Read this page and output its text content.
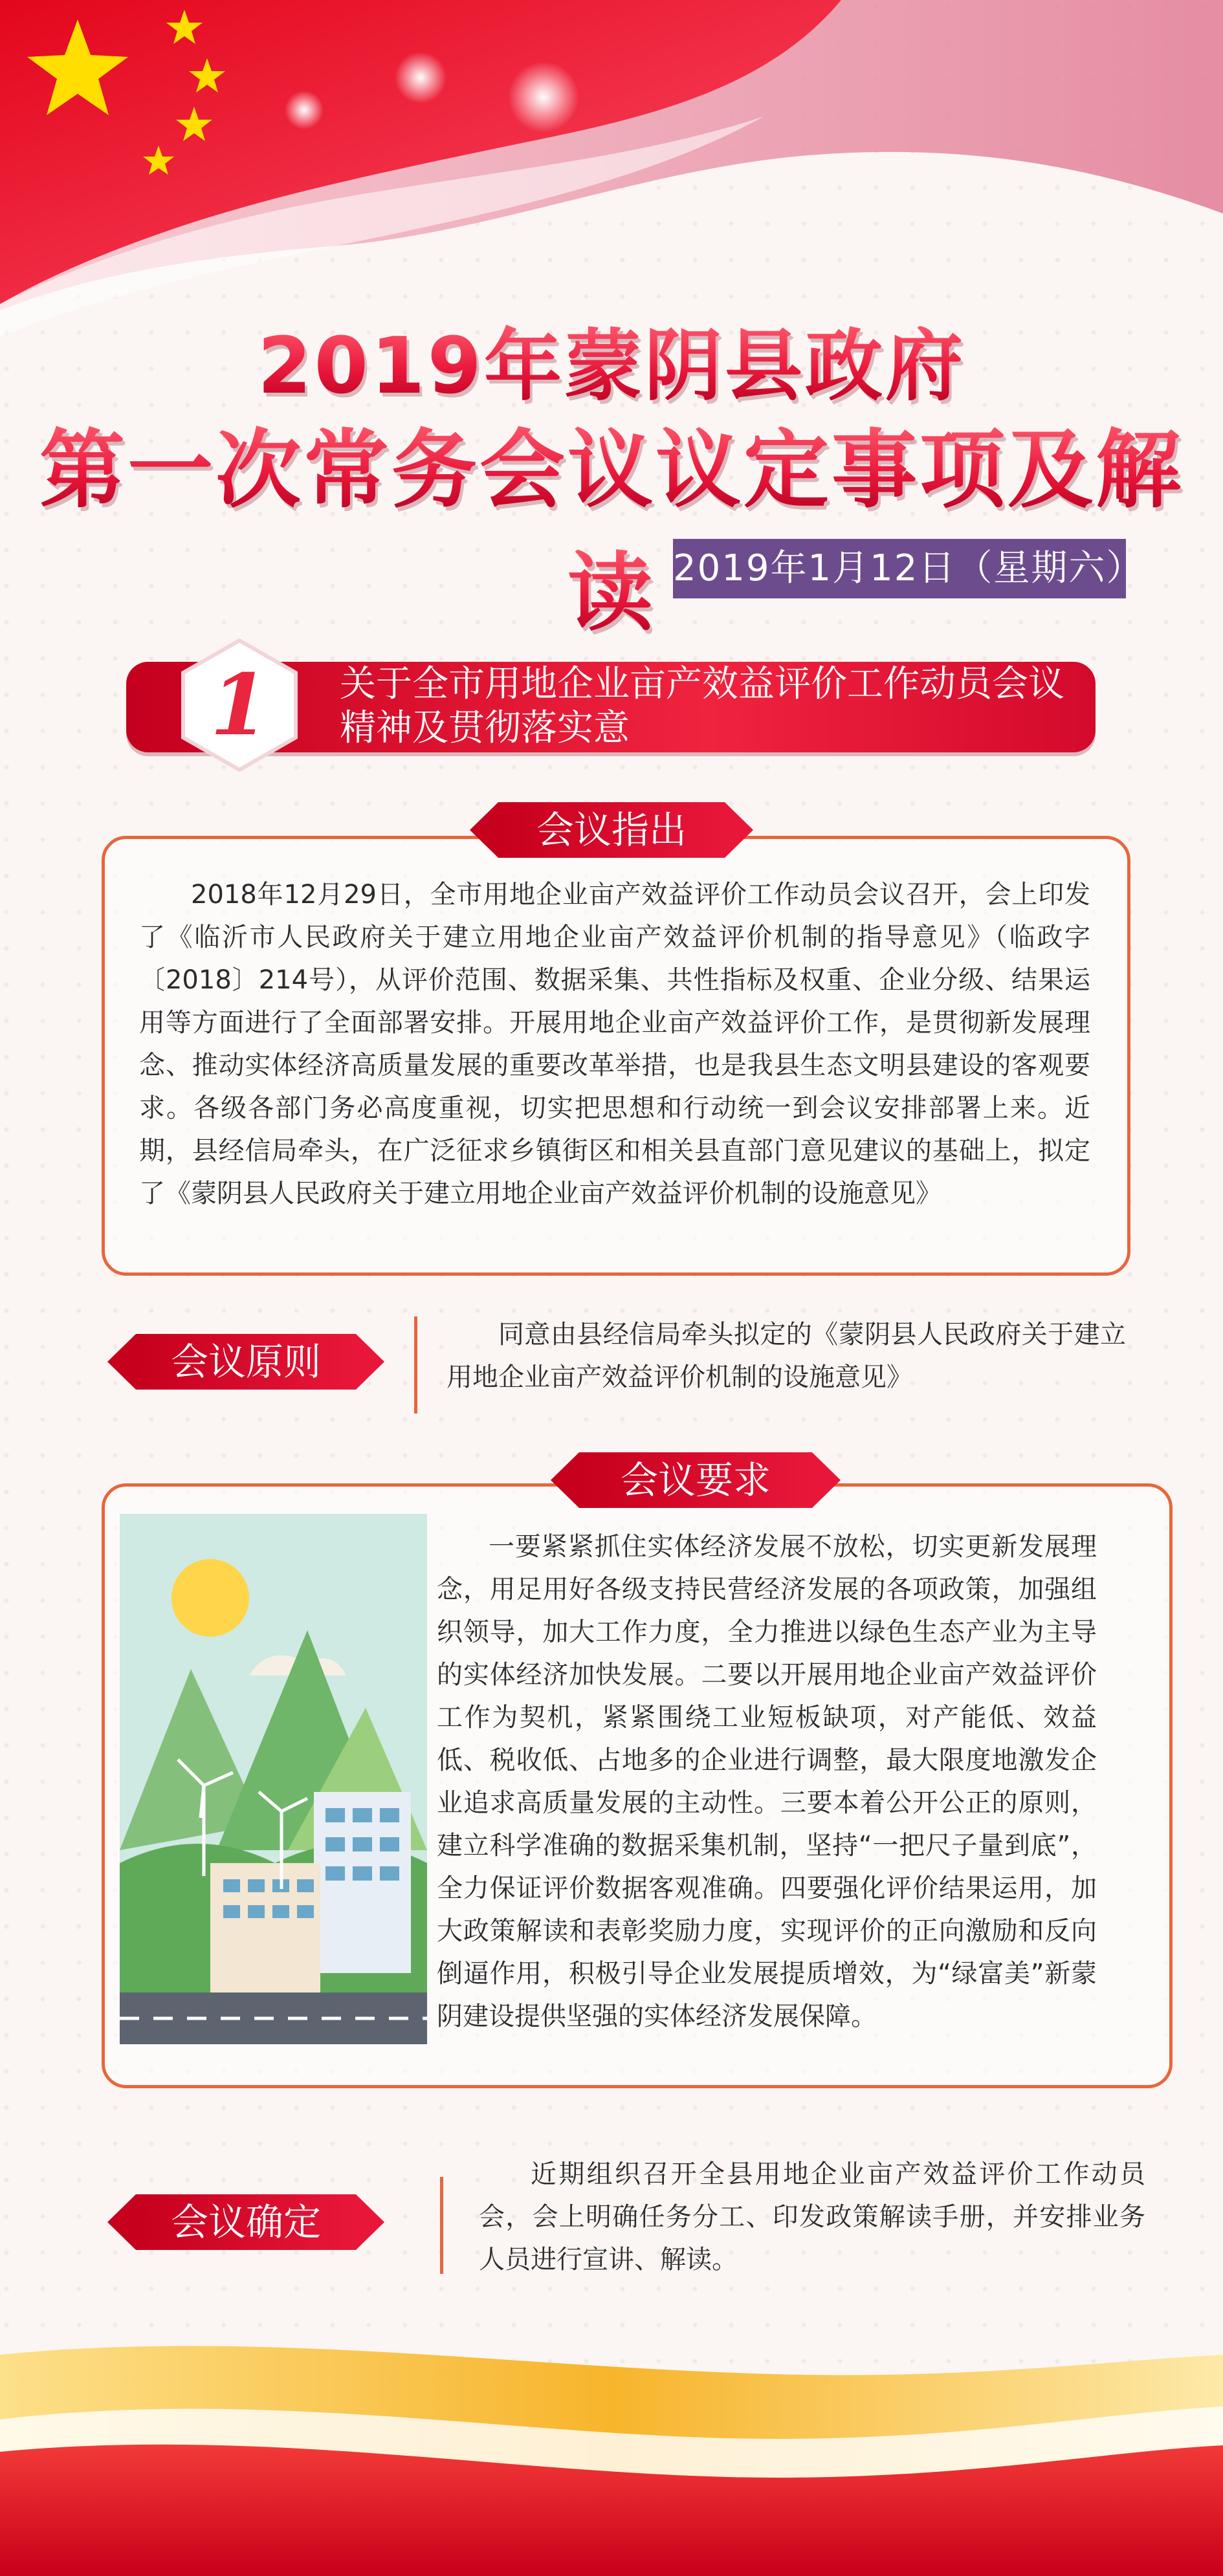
2019年蒙阴县政府
第一次常务会议议定事项及解读 2019年1月12日（星期六）
1 关于全市用地企业亩产效益评价工作动员会议精神及贯彻落实意
会议指出
2018年12月29日，全市用地企业亩产效益评价工作动员会议召开，会上印发了《临沂市人民政府关于建立用地企业亩产效益评价机制的指导意见》（临政字〔2018〕214号），从评价范围、数据采集、共性指标及权重、企业分级、结果运用等方面进行了全面部署安排。开展用地企业亩产效益评价工作，是贯彻新发展理念、推动实体经济高质量发展的重要改革举措，也是我县生态文明县建设的客观要求。各级各部门务必高度重视，切实把思想和行动统一到会议安排部署上来。近期，县经信局牵头，在广泛征求乡镇街区和相关县直部门意见建议的基础上，拟定了《蒙阴县人民政府关于建立用地企业亩产效益评价机制的设施意见》
会议原则
同意由县经信局牵头拟定的《蒙阴县人民政府关于建立用地企业亩产效益评价机制的设施意见》
会议要求
一要紧紧抓住实体经济发展不放松，切实更新发展理念，用足用好各级支持民营经济发展的各项政策，加强组织领导，加大工作力度，全力推进以绿色生态产业为主导的实体经济加快发展。二要以开展用地企业亩产效益评价工作为契机，紧紧围绕工业短板缺项，对产能低、效益低、税收低、占地多的企业进行调整，最大限度地激发企业追求高质量发展的主动性。三要本着公开公正的原则，建立科学准确的数据采集机制，坚持“一把尺子量到底”，全力保证评价数据客观准确。四要强化评价结果运用，加大政策解读和表彰奖励力度，实现评价的正向激励和反向倒逼作用，积极引导企业发展提质增效，为“绿富美”新蒙阴建设提供坚强的实体经济发展保障。
会议确定
近期组织召开全县用地企业亩产效益评价工作动员会，会上明确任务分工、印发政策解读手册，并安排业务人员进行宣讲、解读。
